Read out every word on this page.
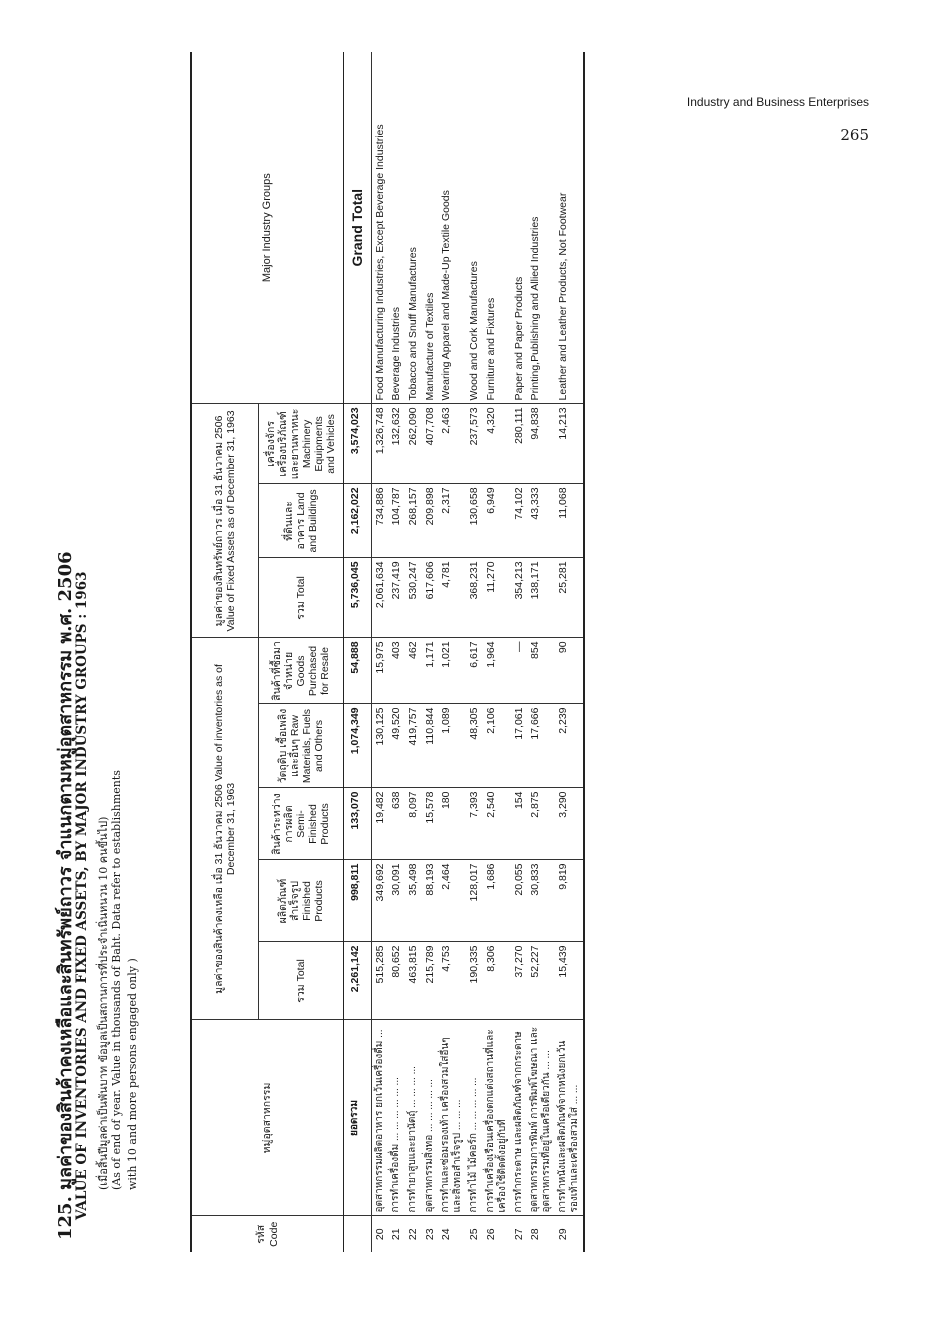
Industry and Business Enterprises
265
125. มูลค่าของสินค้าคงเหลือและสินทรัพย์ถาวร จำแนกตามหมู่อุตสาหกรรม พ.ศ. 2506
VALUE OF INVENTORIES AND FIXED ASSETS, BY MAJOR INDUSTRY GROUPS : 1963 (เมื่อสิ้นปีมูลค่าเป็นพันบาท ข้อมูลเป็นสถานการที่ประจำเนิ่นหนวน 10 คนขึ้นไป) (As of end of year. Value in thousands of Baht. Data refer to establishments with 10 and more persons engaged only )
รหัส Code	หมู่อุตสาหกรรม	มูลค่าของสินค้าคงเหลือ เมื่อ 31 ธันวาคม 2506 Value of inventories as of December 31, 1963					มูลค่าของสินทรัพย์ถาวร เมื่อ 31 ธันวาคม 2506 Value of Fixed Assets as of December 31, 1963			Major Industry Groups
		รวม Total	ผลิตภัณฑ์สำเร็จรูป Finished Products	สินค้าระหว่างการผลิต Semi-Finished Products	วัตถุดิบ เชื้อเพลิง และอื่นๆ Raw Materials, Fuels and Others	สินค้าที่ซื้อมาจำหน่าย Goods Purchased for Resale	รวม Total	ที่ดินและอาคาร Land and Buildings	เครื่องจักร เครื่องบริภัณฑ์ และยานพาหนะ Machinery Equipments and Vehicles	
	ยอดรวม	2,261,142	998,811	133,070	1,074,349	54,888	5,736,045	2,162,022	3,574,023	Grand Total
20	อุตสาหกรรมผลิตอาหาร ยกเว้นเครื่องดื่ม ...	515,285	349,692	19,482	130,125	15,975	2,061,634	734,886	1,326,748	Food Manufacturing Industries, Except Beverage Industries
21	การทำเครื่องดื่ม ... ... ... ... ... ...	80,652	30,091	638	49,520	403	237,419	104,787	132,632	Beverage Industries
22	การทำยาสูบและยานัตถุ์ ... ... ... ...	463,815	35,498	8,097	419,757	462	530,247	268,157	262,090	Tobacco and Snuff Manufactures
23	อุตสาหกรรมสิ่งทอ ... ... ... ... ...	215,789	88,193	15,578	110,844	1,171	617,606	209,898	407,708	Manufacture of Textiles
24	การทำและซ่อมรองเท้า เครื่องสวมใส่อื่นๆ และสิ่งทอสำเร็จรูป ... ... ...	4,753	2,464	180	1,089	1,021	4,781	2,317	2,463	Wearing Apparel and Made-Up Textile Goods
25	การทำไม้ ไม้คอร์ก ... ... ... ... ...	190,335	128,017	7,393	48,305	6,617	368,231	130,658	237,573	Wood and Cork Manufactures
26	การทำเครื่องเรือนเครื่องตกแต่งสถานที่และเครื่องใช้ติดตั้งอยู่กับที่	8,306	1,686	2,540	2,106	1,964	11,270	6,949	4,320	Furniture and Fixtures
27	การทำกระดาษ และผลิตภัณฑ์จากกระดาษ	37,270	20,055	154	17,061	—	354,213	74,102	280,111	Paper and Paper Products
28	อุตสาหกรรมการพิมพ์ การพิมพ์โฆษณา และอุตสาหกรรมที่อยู่ในเครือเดียวกัน ... ...	52,227	30,833	2,875	17,666	854	138,171	43,333	94,838	Printing,Publishing and Allied Industries
29	การทำหนังและผลิตภัณฑ์จากหนังยกเว้นรองเท้าและเครื่องสวมใส่ ... ...	15,439	9,819	3,290	2,239	90	25,281	11,068	14,213	Leather and Leather Products, Not Footwear
